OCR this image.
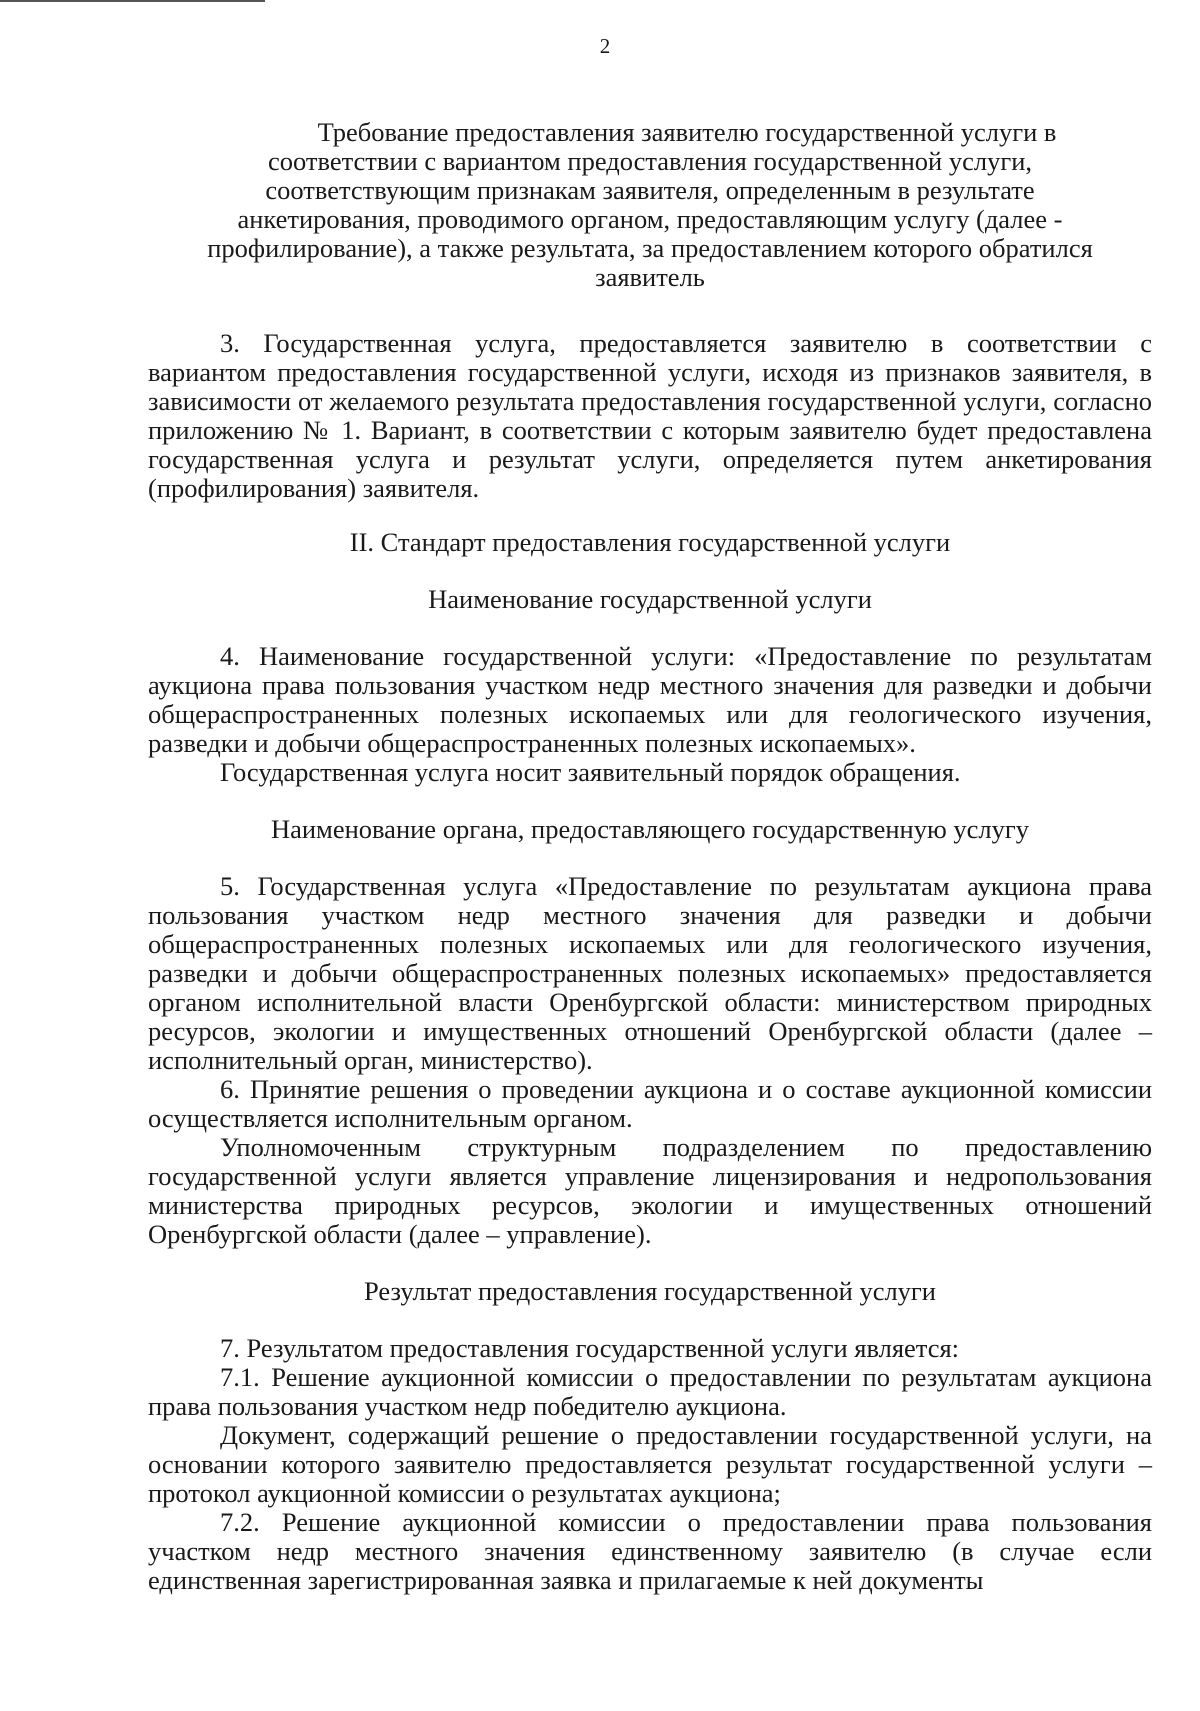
2
Требование предоставления заявителю государственной услуги в
соответствии с вариантом предоставления государственной услуги,
соответствующим признакам заявителя, определенным в результате
анкетирования, проводимого органом, предоставляющим услугу (далее -
профилирование), а также результата, за предоставлением которого обратился
заявитель

3. Государственная услуга, предоставляется заявителю в соответствии с вариантом предоставления государственной услуги, исходя из признаков заявителя, в зависимости от желаемого результата предоставления государственной услуги, согласно приложению № 1. Вариант, в соответствии с которым заявителю будет предоставлена государственная услуга и результат услуги, определяется путем анкетирования (профилирования) заявителя.

II. Стандарт предоставления государственной услуги
Наименование государственной услуги

4. Наименование государственной услуги: «Предоставление по результатам аукциона права пользования участком недр местного значения для разведки и добычи общераспространенных полезных ископаемых или для геологического изучения, разведки и добычи общераспространенных полезных ископаемых».

Государственная услуга носит заявительный порядок обращения.

Наименование органа, предоставляющего государственную услугу

5. Государственная услуга «Предоставление по результатам аукциона права пользования участком недр местного значения для разведки и добычи общераспространенных полезных ископаемых или для геологического изучения, разведки и добычи общераспространенных полезных ископаемых» предоставляется органом исполнительной власти Оренбургской области: министерством природных ресурсов, экологии и имущественных отношений Оренбургской области (далее – исполнительный орган, министерство).

6. Принятие решения о проведении аукциона и о составе аукционной комиссии осуществляется исполнительным органом.

Уполномоченным структурным подразделением по предоставлению государственной услуги является управление лицензирования и недропользования министерства природных ресурсов, экологии и имущественных отношений Оренбургской области (далее – управление).

Результат предоставления государственной услуги

7. Результатом предоставления государственной услуги является:

7.1. Решение аукционной комиссии о предоставлении по результатам аукциона права пользования участком недр победителю аукциона.

Документ, содержащий решение о предоставлении государственной услуги, на основании которого заявителю предоставляется результат государственной услуги – протокол аукционной комиссии о результатах аукциона;

7.2. Решение аукционной комиссии о предоставлении права пользования участком недр местного значения единственному заявителю (в случае если единственная зарегистрированная заявка и прилагаемые к ней документы
